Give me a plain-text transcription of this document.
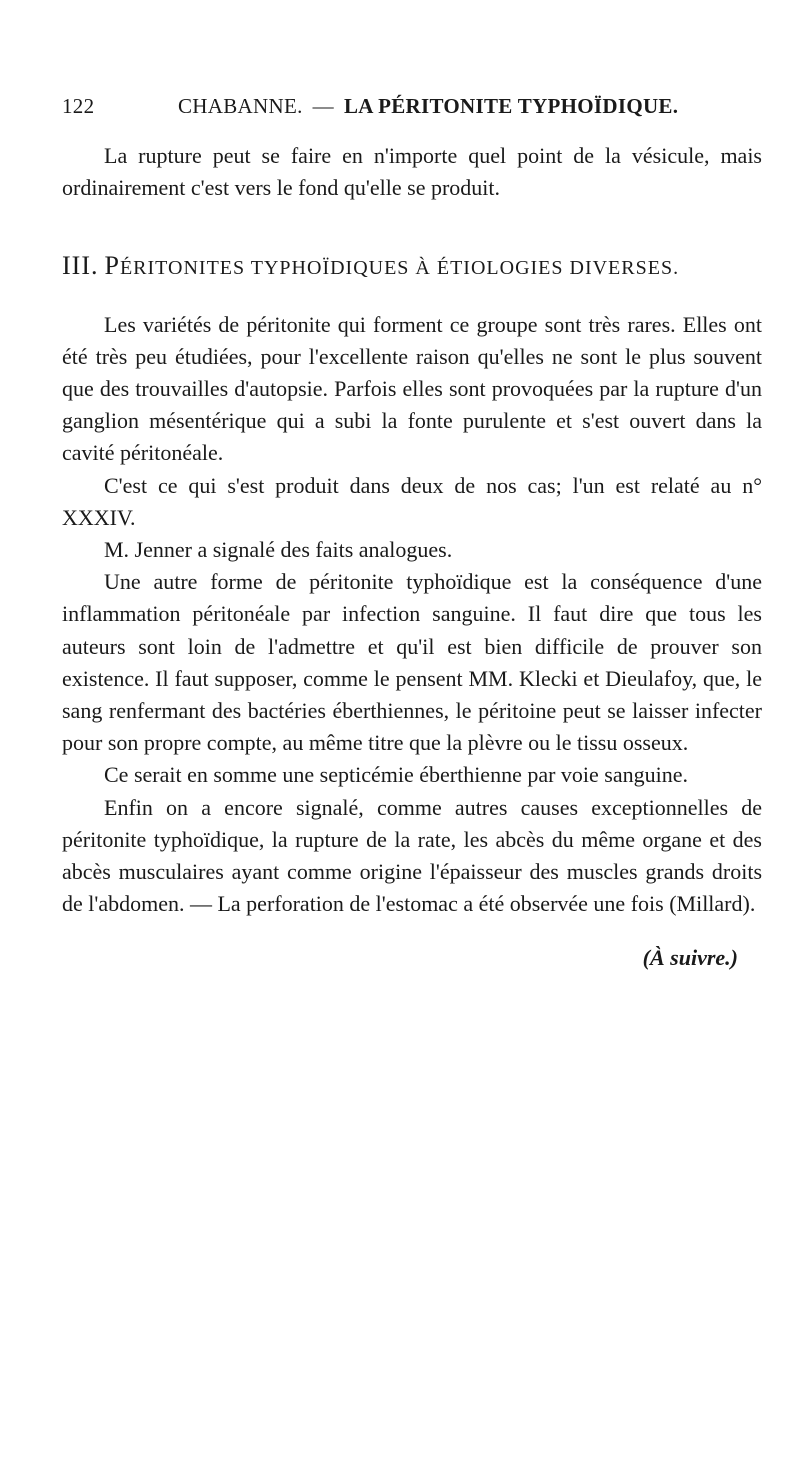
122	CHABANNE. — LA PÉRITONITE TYPHOÏDIQUE.

La rupture peut se faire en n'importe quel point de la vésicule, mais ordinairement c'est vers le fond qu'elle se produit.

III. PÉRITONITES TYPHOÏDIQUES À ÉTIOLOGIES DIVERSES.

Les variétés de péritonite qui forment ce groupe sont très rares. Elles ont été très peu étudiées, pour l'excellente raison qu'elles ne sont le plus souvent que des trouvailles d'autopsie. Parfois elles sont provoquées par la rupture d'un ganglion mésentérique qui a subi la fonte purulente et s'est ouvert dans la cavité péritonéale.

C'est ce qui s'est produit dans deux de nos cas; l'un est relaté au n° XXXIV.

M. Jenner a signalé des faits analogues.

Une autre forme de péritonite typhoïdique est la conséquence d'une inflammation péritonéale par infection sanguine. Il faut dire que tous les auteurs sont loin de l'admettre et qu'il est bien difficile de prouver son existence. Il faut supposer, comme le pensent MM. Klecki et Dieulafoy, que, le sang renfermant des bactéries éberthiennes, le péritoine peut se laisser infecter pour son propre compte, au même titre que la plèvre ou le tissu osseux.

Ce serait en somme une septicémie éberthienne par voie sanguine.

Enfin on a encore signalé, comme autres causes exceptionnelles de péritonite typhoïdique, la rupture de la rate, les abcès du même organe et des abcès musculaires ayant comme origine l'épaisseur des muscles grands droits de l'abdomen. — La perforation de l'estomac a été observée une fois (Millard).

(À suivre.)
